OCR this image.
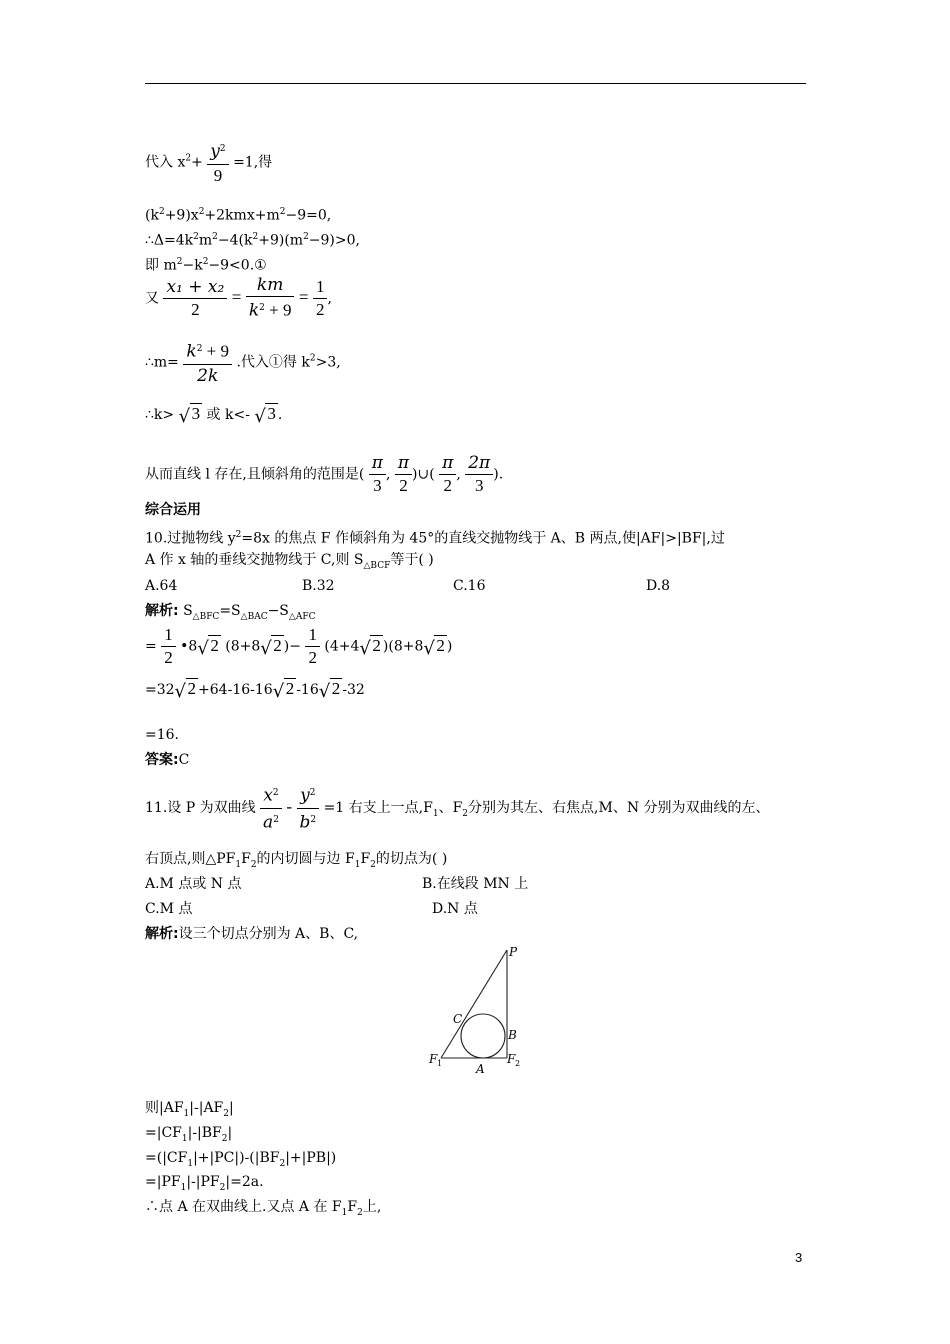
代入 $x^2+ \frac{y^2}{9} =1$,得
$(k^2+9)x^2+2kmx+m^2-9=0$,
$\therefore\Delta=4k^2m^2-4(k^2+9)(m^2-9)>0$,
即 $m^2-k^2-9<0.①$
又 $\frac{\text{x₁ + x₂}}{2} = \frac{km}{k^2 + 9} = \frac{1}{2}$ ,
∴m= $\frac{k^2 + 9}{2k}$ .代入①得 $k^2>3$,
∴k> √ 3 或 k<- √ 3 .
从而直线 l 存在,且倾斜角的范围是( $\frac{\pi}{3}$ , $\frac{\pi}{2}$ )∪( $\frac{\pi}{2}$ , $\frac{2\pi}{3}$ ).
综合运用
10.过抛物线 $y^2=8x$ 的焦点 F 作倾斜角为 45°的直线交抛物线于 A、B 两点,使|AF|>|BF|,过
A 作 x 轴的垂线交抛物线于 C,则 $S_{\triangle BCF}$等于( )
A.64	B.32	C.16	D.8
解析: $S_{\triangle BFC}=S_{\triangle BAC}-S_{\triangle AFC}$
= $\frac{1}{2}$ •8√ 2 (8+8√ 2 )− $\frac{1}{2} (4+4√$ 2 )(8+8√ 2 )
=32√ 2 +64-16-16√ 2 -16√ 2 -32
=16.
答案:C
11.设 P 为双曲线 $\frac{x^2}{a^2} - \frac{y^2}{b^2} =1$ 右支上一点$,F_1$、$F_2$分别为其左、右焦点,M、N 分别为双曲线的左、
右顶点,则$\triangle PF_1F_2$的内切圆与边 $F_1F_2$的切点为( )
A.M 点或 N 点	B.在线段 MN 上
C.M 点	D.N 点
解析:设三个切点分别为 A、B、C,
P
C
B
F 1	A
F 2
则$|AF_1|-|AF_2|$
$=|CF_1|-|BF_2|$
$=(|CF_1|+|PC|)-(|BF_2|+|PB|)$
$=|PF_1|-|PF_2|=2a$.
∴点 A 在双曲线上.又点 A 在 $F_1F_2$上,
3
